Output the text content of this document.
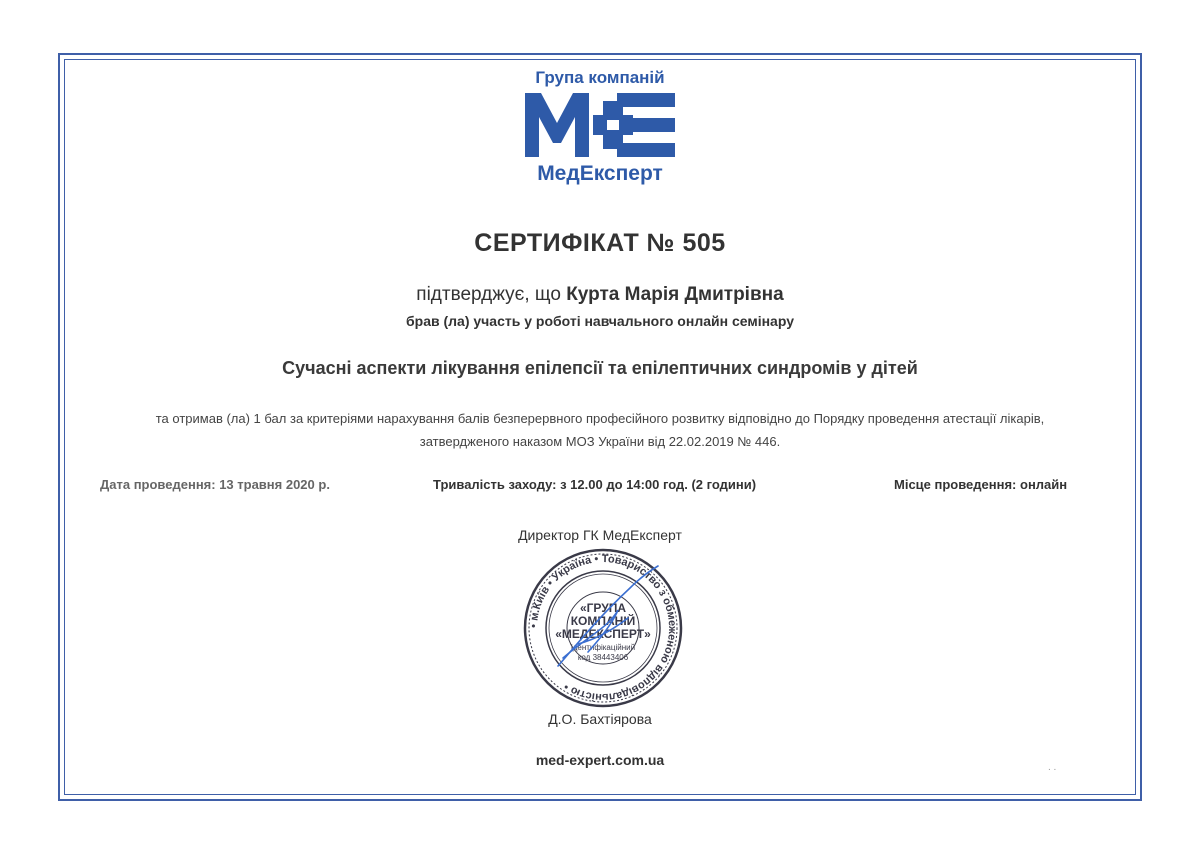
Група компаній
МедЕксперт
СЕРТИФІКАТ № 505
підтверджує, що Курта Марія Дмитрівна
брав (ла) участь у роботі навчального онлайн семінару
Сучасні аспекти лікування епілепсії та епілептичних синдромів у дітей
та отримав (ла) 1 бал за критеріями нарахування балів безперервного професійного розвитку відповідно до Порядку проведення атестації лікарів,
затвердженого наказом МОЗ України від 22.02.2019 № 446.
Дата проведення: 13 травня 2020 р.	Тривалість заходу: з 12.00 до 14:00 год. (2 години)	Місце проведення: онлайн
Директор ГК МедЕксперт
• м.Київ • Україна • Товариство з обмеженою відповідальністю •
«ГРУПА
КОМПАНІЙ
«МЕДЕКСПЕРТ»
ідентифікаційний
код 38443406
Д.О. Бахтіярова
med-expert.com.ua	. .
